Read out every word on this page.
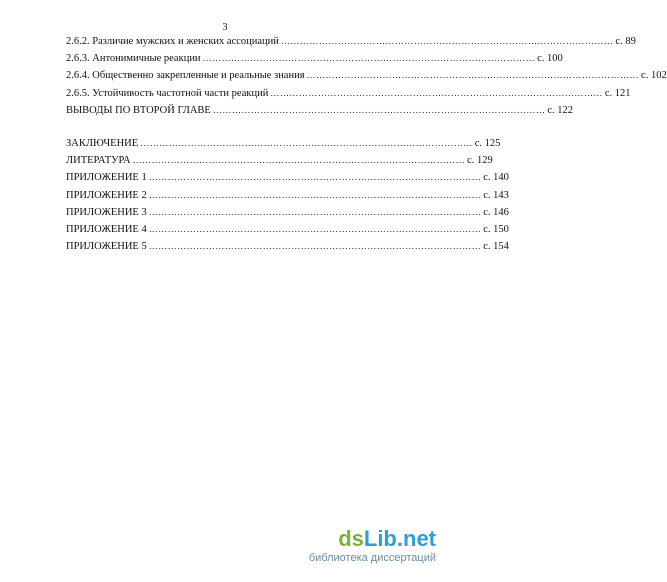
3
2.6.2. Различие мужских и женских ассоциаций …………………………………………………………………………………………… с. 89
2.6.3. Антонимичные реакции …………………………………………………………………………………………… с. 100
2.6.4. Общественно закрепленные и реальные знания …………………………………………………………………………………………… с. 102
2.6.5. Устойчивость частотной части реакций …………………………………………………………………………………………… с. 121
ВЫВОДЫ ПО ВТОРОЙ ГЛАВЕ …………………………………………………………………………………………… с. 122
ЗАКЛЮЧЕНИЕ …………………………………………………………………………………………… с. 125
ЛИТЕРАТУРА …………………………………………………………………………………………… с. 129
ПРИЛОЖЕНИЕ 1 …………………………………………………………………………………………… с. 140
ПРИЛОЖЕНИЕ 2 …………………………………………………………………………………………… с. 143
ПРИЛОЖЕНИЕ 3 …………………………………………………………………………………………… с. 146
ПРИЛОЖЕНИЕ 4 …………………………………………………………………………………………… с. 150
ПРИЛОЖЕНИЕ 5 …………………………………………………………………………………………… с. 154
ds Lib . net
библиотека диссертаций
